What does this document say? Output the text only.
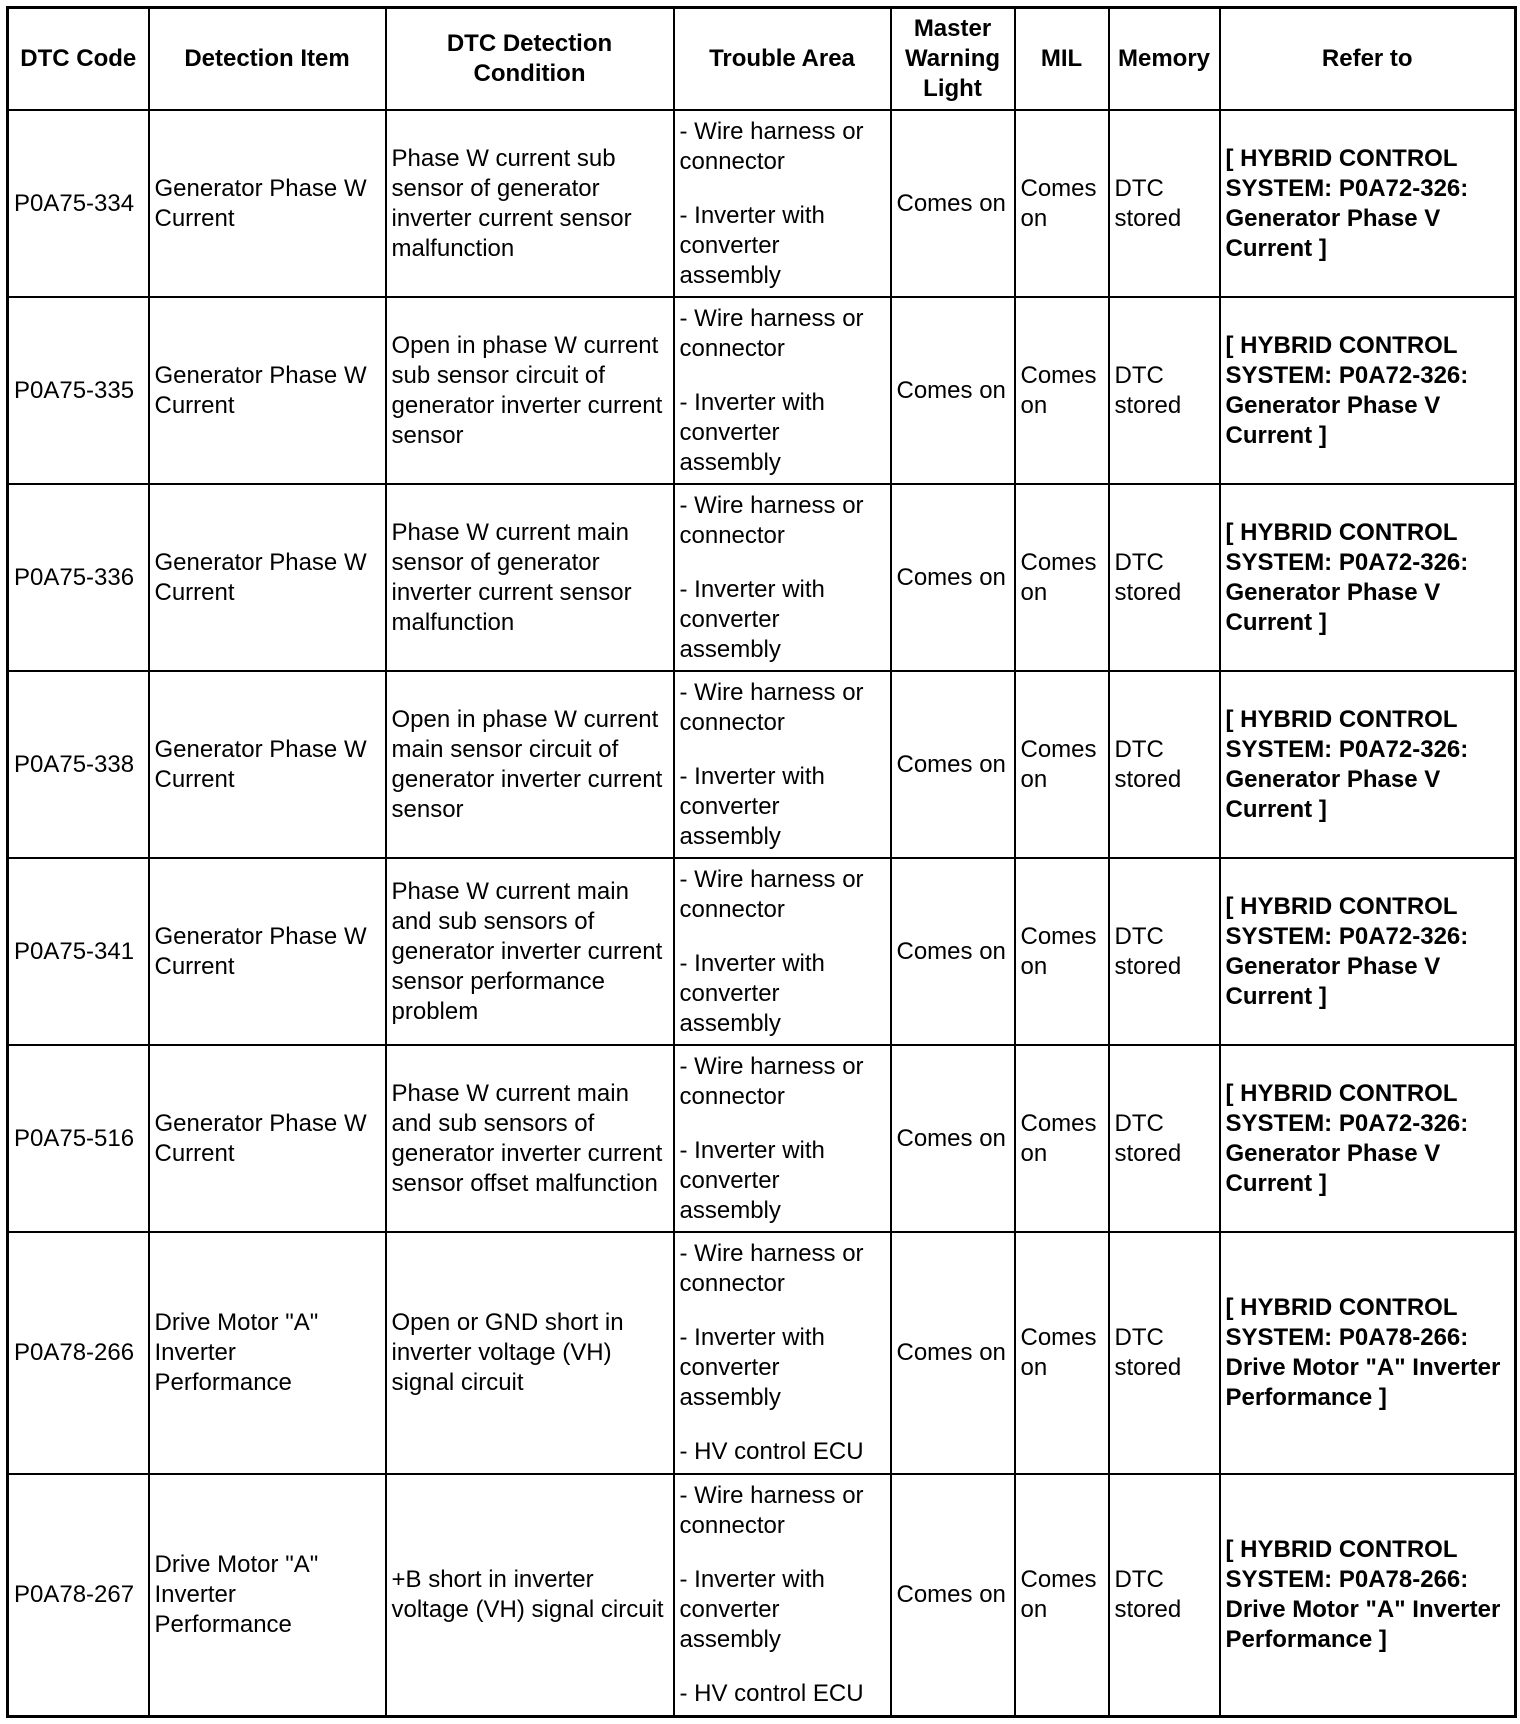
DTC Code	Detection Item	DTC Detection Condition	Trouble Area	Master Warning Light	MIL	Memory	Refer to
P0A75-334	Generator Phase W Current	Phase W current sub sensor of generator inverter current sensor malfunction	- Wire harness or connector
- Inverter with converter assembly	Comes on	Comes on	DTC stored	[ HYBRID CONTROL SYSTEM: P0A72-326: Generator Phase V Current ]
P0A75-335	Generator Phase W Current	Open in phase W current sub sensor circuit of generator inverter current sensor	- Wire harness or connector
- Inverter with converter assembly	Comes on	Comes on	DTC stored	[ HYBRID CONTROL SYSTEM: P0A72-326: Generator Phase V Current ]
P0A75-336	Generator Phase W Current	Phase W current main sensor of generator inverter current sensor malfunction	- Wire harness or connector
- Inverter with converter assembly	Comes on	Comes on	DTC stored	[ HYBRID CONTROL SYSTEM: P0A72-326: Generator Phase V Current ]
P0A75-338	Generator Phase W Current	Open in phase W current main sensor circuit of generator inverter current sensor	- Wire harness or connector
- Inverter with converter assembly	Comes on	Comes on	DTC stored	[ HYBRID CONTROL SYSTEM: P0A72-326: Generator Phase V Current ]
P0A75-341	Generator Phase W Current	Phase W current main and sub sensors of generator inverter current sensor performance problem	- Wire harness or connector
- Inverter with converter assembly	Comes on	Comes on	DTC stored	[ HYBRID CONTROL SYSTEM: P0A72-326: Generator Phase V Current ]
P0A75-516	Generator Phase W Current	Phase W current main and sub sensors of generator inverter current sensor offset malfunction	- Wire harness or connector
- Inverter with converter assembly	Comes on	Comes on	DTC stored	[ HYBRID CONTROL SYSTEM: P0A72-326: Generator Phase V Current ]
P0A78-266	Drive Motor "A" Inverter Performance	Open or GND short in inverter voltage (VH) signal circuit	- Wire harness or connector
- Inverter with converter assembly
- HV control ECU	Comes on	Comes on	DTC stored	[ HYBRID CONTROL SYSTEM: P0A78-266: Drive Motor "A" Inverter Performance ]
P0A78-267	Drive Motor "A" Inverter Performance	+B short in inverter voltage (VH) signal circuit	- Wire harness or connector
- Inverter with converter assembly
- HV control ECU	Comes on	Comes on	DTC stored	[ HYBRID CONTROL SYSTEM: P0A78-266: Drive Motor "A" Inverter Performance ]
